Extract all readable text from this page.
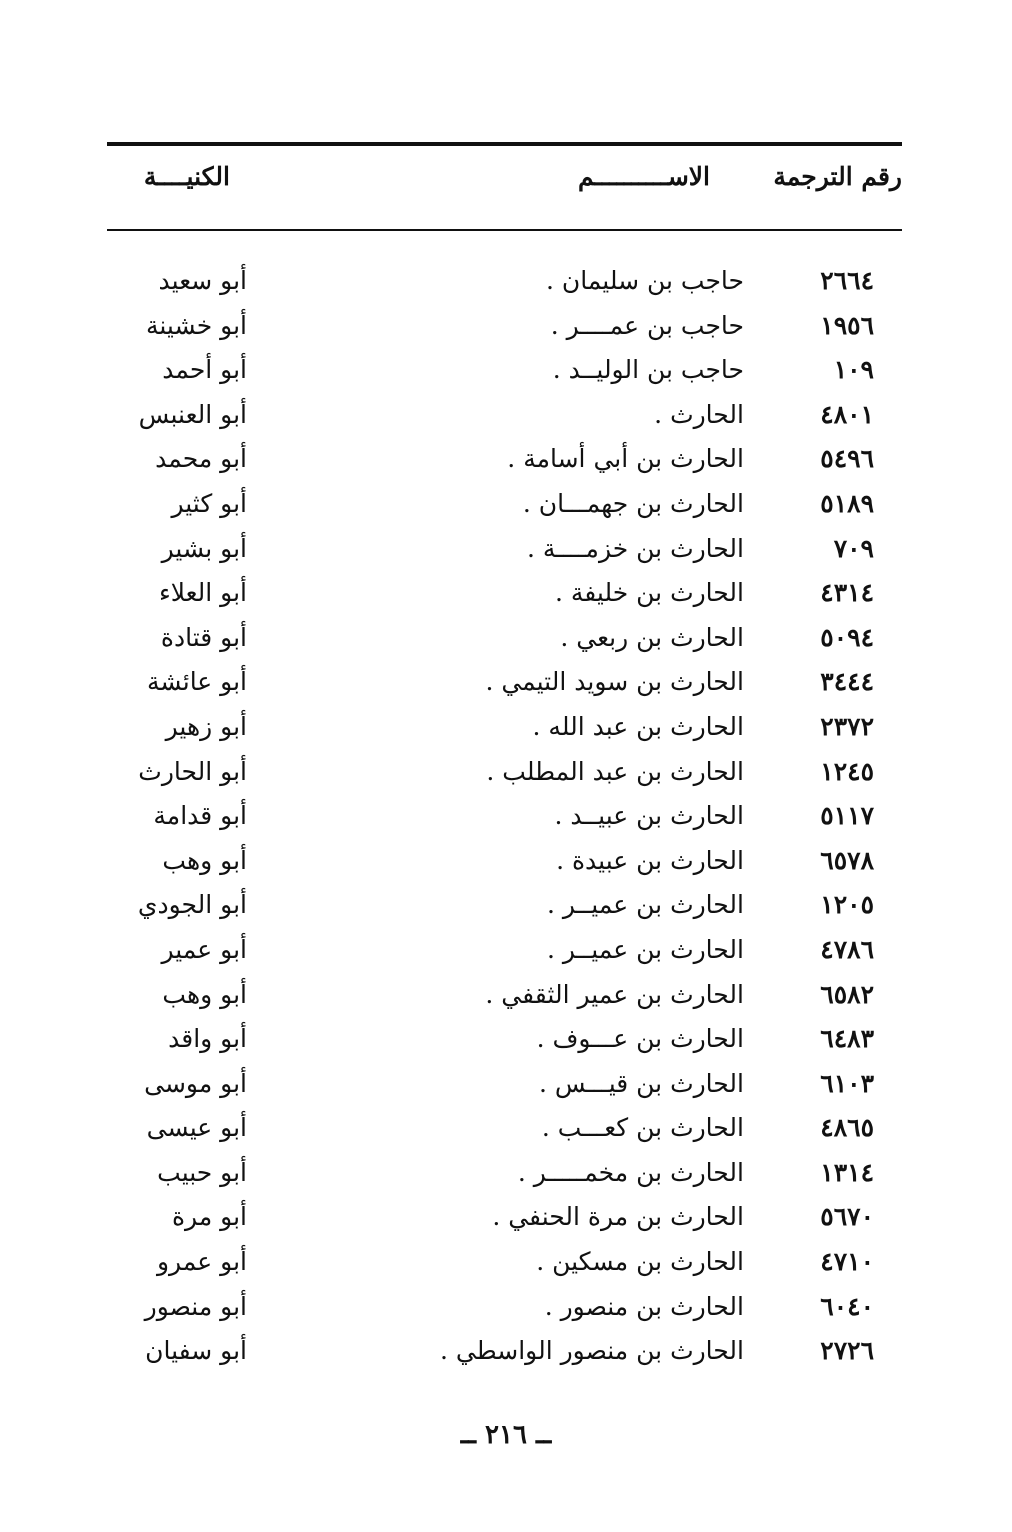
رقم الترجمة
الاســــــــــم
الكنيــــة
٢٦٦٤
حاجب بن سليمان .
أبو سعيد
١٩٥٦
حاجب بن عمــــر .
أبو خشينة
١٠٩
حاجب بن الوليــد .
أبو أحمد
٤٨٠١
الحارث .
أبو العنبس
٥٤٩٦
الحارث بن أبي أسامة .
أبو محمد
٥١٨٩
الحارث بن جهمـــان .
أبو كثير
٧٠٩
الحارث بن خزمــــة .
أبو بشير
٤٣١٤
الحارث بن خليفة .
أبو العلاء
٥٠٩٤
الحارث بن ربعي .
أبو قتادة
٣٤٤٤
الحارث بن سويد التيمي .
أبو عائشة
٢٣٧٢
الحارث بن عبد الله .
أبو زهير
١٢٤٥
الحارث بن عبد المطلب .
أبو الحارث
٥١١٧
الحارث بن عبيــد .
أبو قدامة
٦٥٧٨
الحارث بن عبيدة .
أبو وهب
١٢٠٥
الحارث بن عميــر .
أبو الجودي
٤٧٨٦
الحارث بن عميــر .
أبو عمير
٦٥٨٢
الحارث بن عمير الثقفي .
أبو وهب
٦٤٨٣
الحارث بن عـــوف .
أبو واقد
٦١٠٣
الحارث بن قيـــس .
أبو موسى
٤٨٦٥
الحارث بن كعـــب .
أبو عيسى
١٣١٤
الحارث بن مخمـــــر .
أبو حبيب
٥٦٧٠
الحارث بن مرة الحنفي .
أبو مرة
٤٧١٠
الحارث بن مسكين .
أبو عمرو
٦٠٤٠
الحارث بن منصور .
أبو منصور
٢٧٢٦
الحارث بن منصور الواسطي .
أبو سفيان
ــ ٢١٦ ــ
